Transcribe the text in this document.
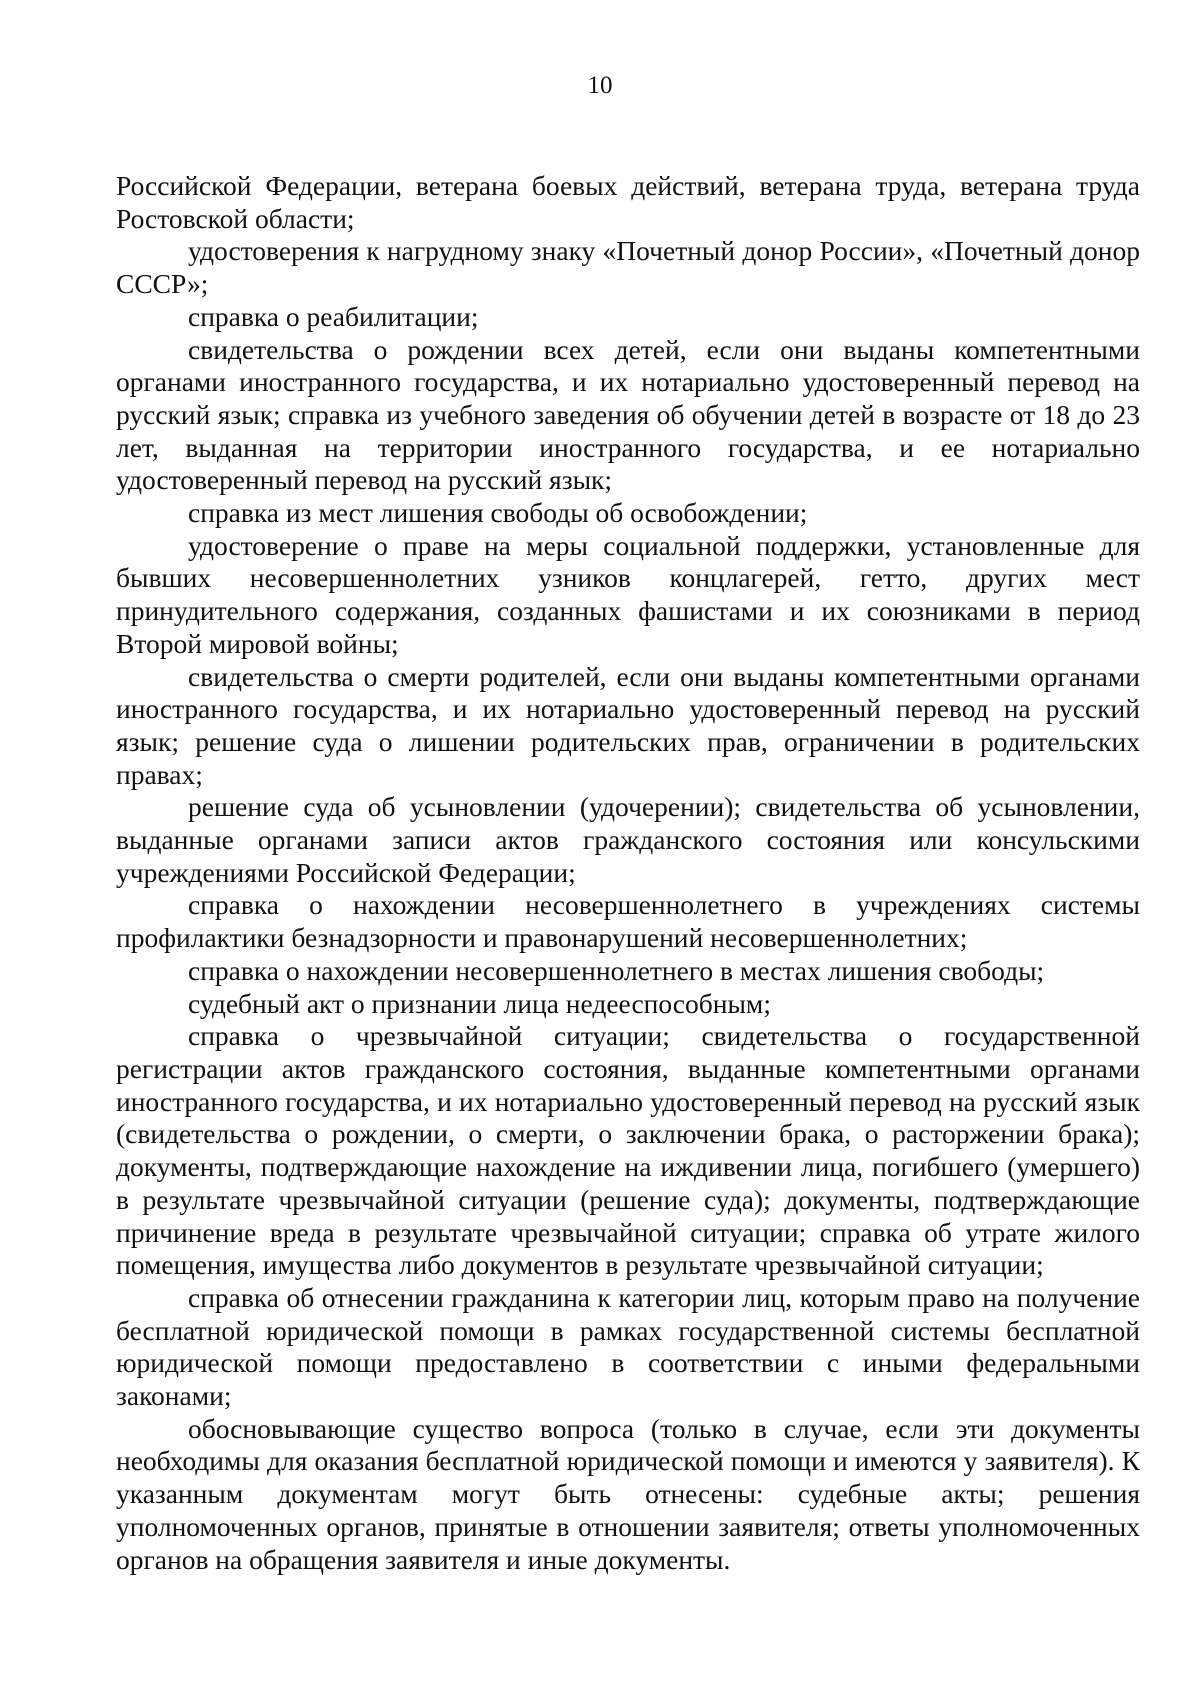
10

Российской Федерации, ветерана боевых действий, ветерана труда, ветерана труда Ростовской области;

удостоверения к нагрудному знаку «Почетный донор России», «Почетный донор СССР»;

справка о реабилитации;

свидетельства о рождении всех детей, если они выданы компетентными органами иностранного государства, и их нотариально удостоверенный перевод на русский язык; справка из учебного заведения об обучении детей в возрасте от 18 до 23 лет, выданная на территории иностранного государства, и ее нотариально удостоверенный перевод на русский язык;

справка из мест лишения свободы об освобождении;

удостоверение о праве на меры социальной поддержки, установленные для бывших несовершеннолетних узников концлагерей, гетто, других мест принудительного содержания, созданных фашистами и их союзниками в период Второй мировой войны;

свидетельства о смерти родителей, если они выданы компетентными органами иностранного государства, и их нотариально удостоверенный перевод на русский язык; решение суда о лишении родительских прав, ограничении в родительских правах;

решение суда об усыновлении (удочерении); свидетельства об усыновлении, выданные органами записи актов гражданского состояния или консульскими учреждениями Российской Федерации;

справка о нахождении несовершеннолетнего в учреждениях системы профилактики безнадзорности и правонарушений несовершеннолетних;

справка о нахождении несовершеннолетнего в местах лишения свободы;

судебный акт о признании лица недееспособным;

справка о чрезвычайной ситуации; свидетельства о государственной регистрации актов гражданского состояния, выданные компетентными органами иностранного государства, и их нотариально удостоверенный перевод на русский язык (свидетельства о рождении, о смерти, о заключении брака, о расторжении брака); документы, подтверждающие нахождение на иждивении лица, погибшего (умершего) в результате чрезвычайной ситуации (решение суда); документы, подтверждающие причинение вреда в результате чрезвычайной ситуации; справка об утрате жилого помещения, имущества либо документов в результате чрезвычайной ситуации;

справка об отнесении гражданина к категории лиц, которым право на получение бесплатной юридической помощи в рамках государственной системы бесплатной юридической помощи предоставлено в соответствии с иными федеральными законами;

обосновывающие существо вопроса (только в случае, если эти документы необходимы для оказания бесплатной юридической помощи и имеются у заявителя). К указанным документам могут быть отнесены: судебные акты; решения уполномоченных органов, принятые в отношении заявителя; ответы уполномоченных органов на обращения заявителя и иные документы.
